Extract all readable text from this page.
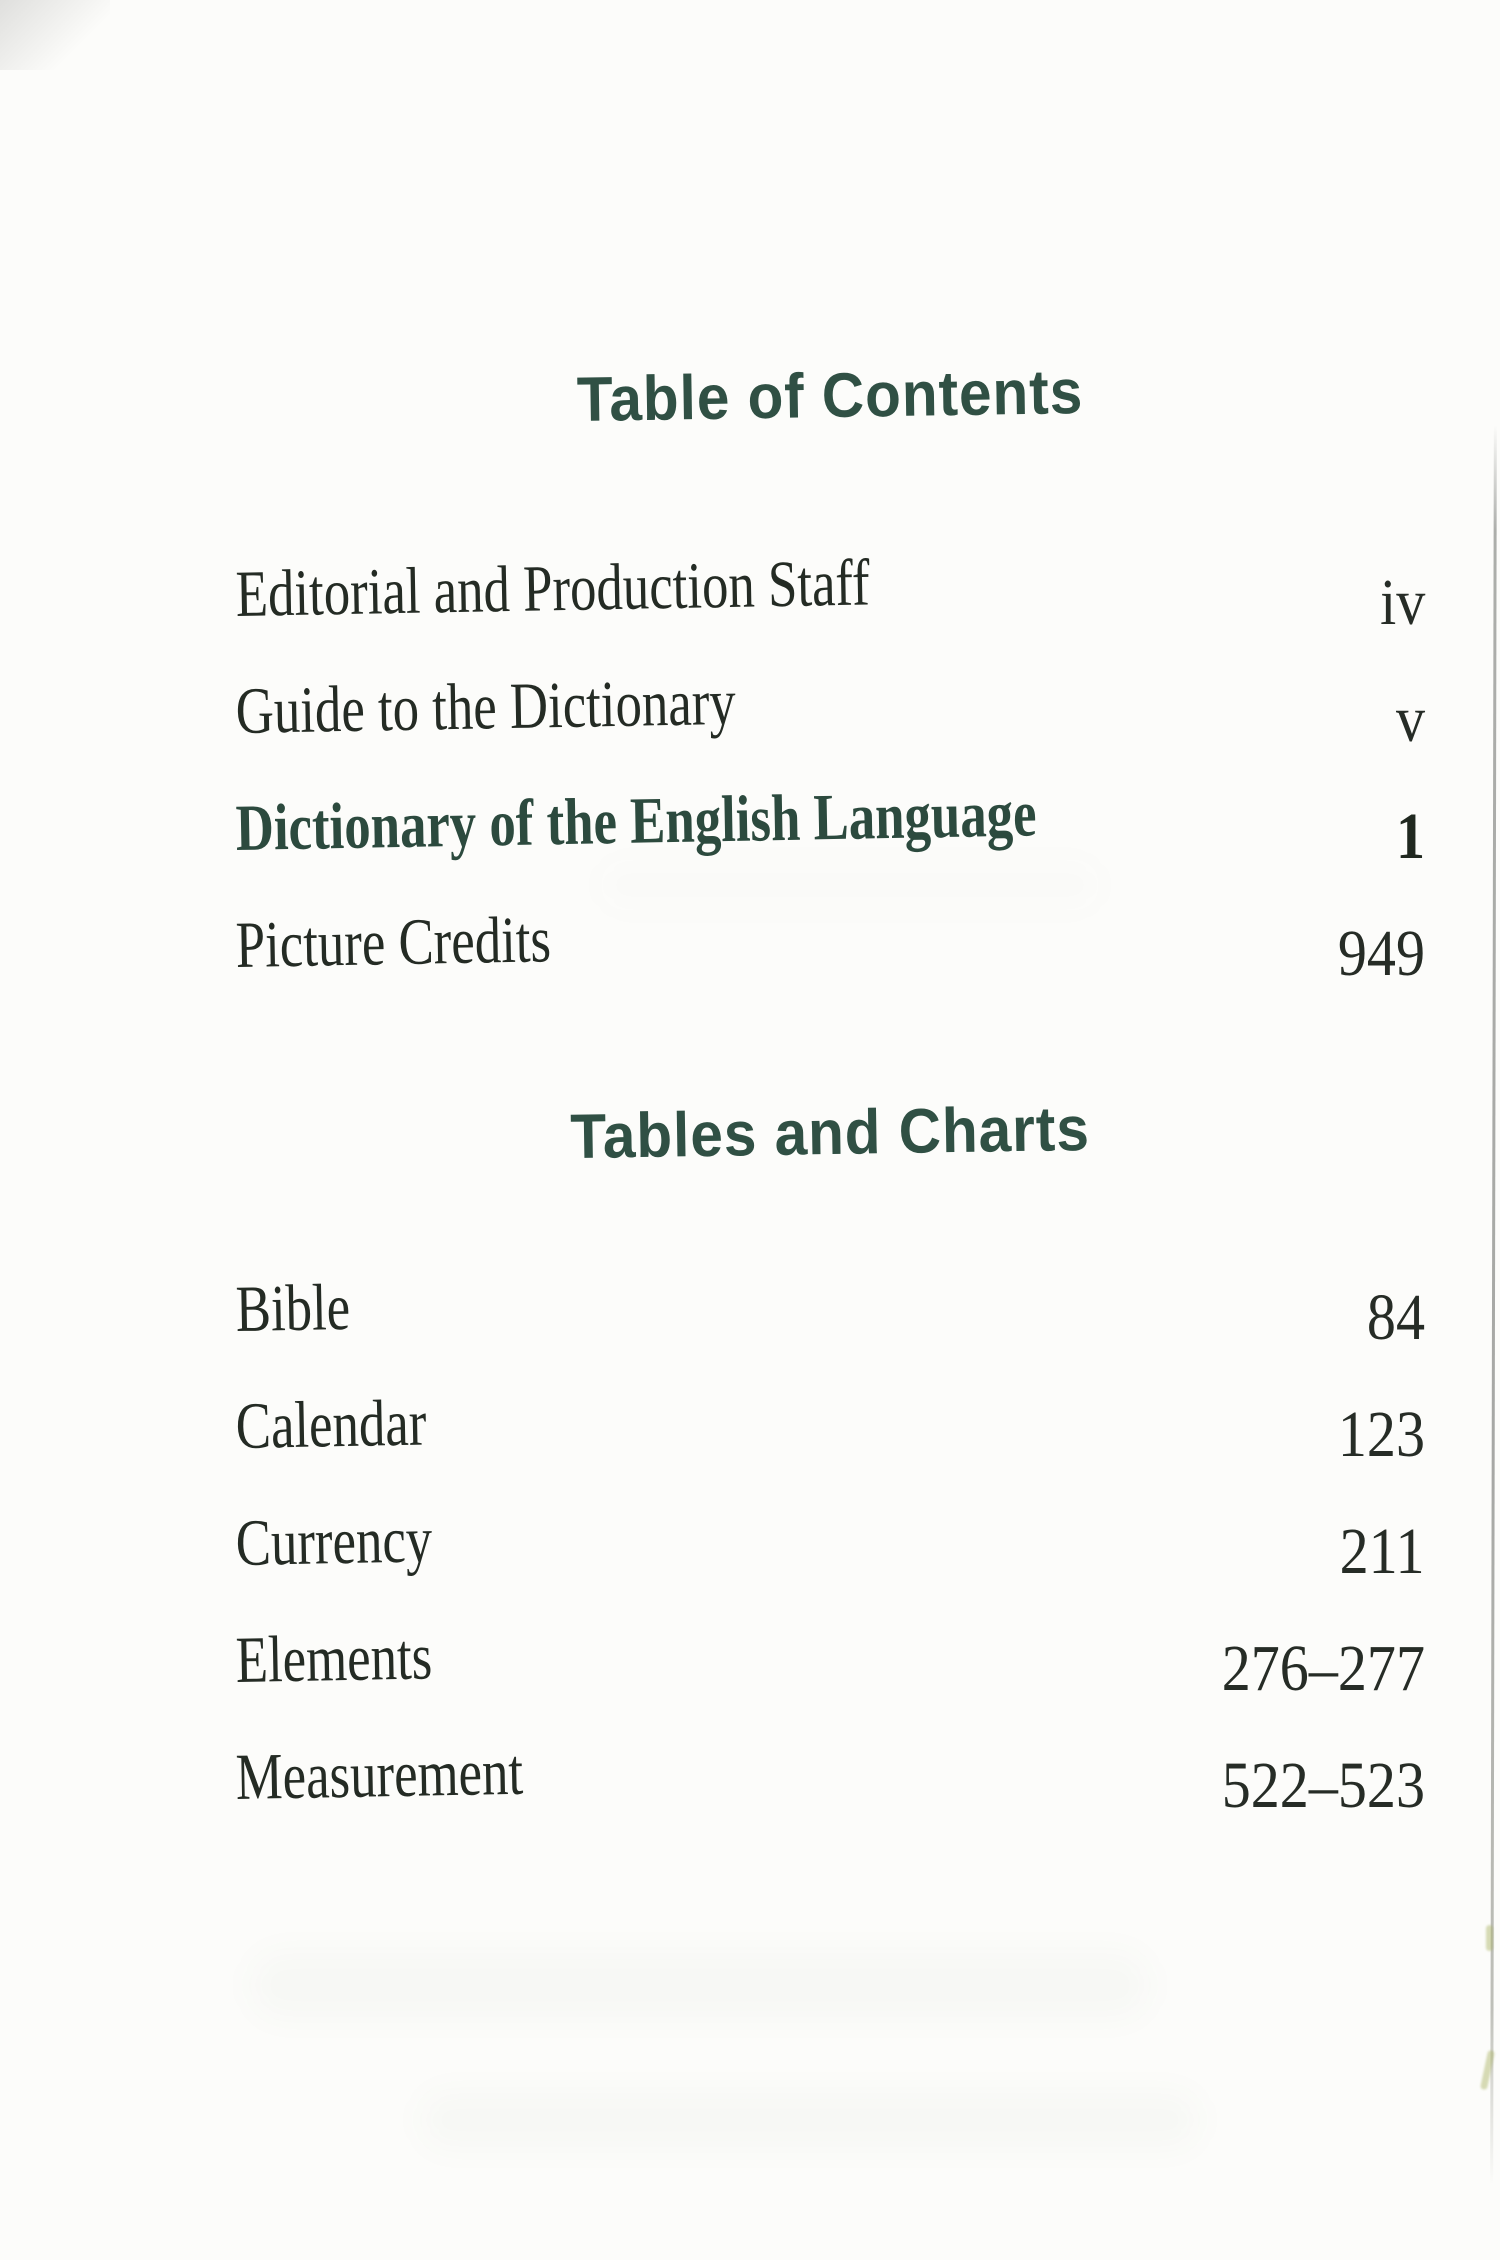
Table of Contents
Editorial and Production Staff	iv
Guide to the Dictionary	v
Dictionary of the English Language	1
Picture Credits	949
Tables and Charts
Bible	84
Calendar	123
Currency	211
Elements	276–277
Measurement	522–523
